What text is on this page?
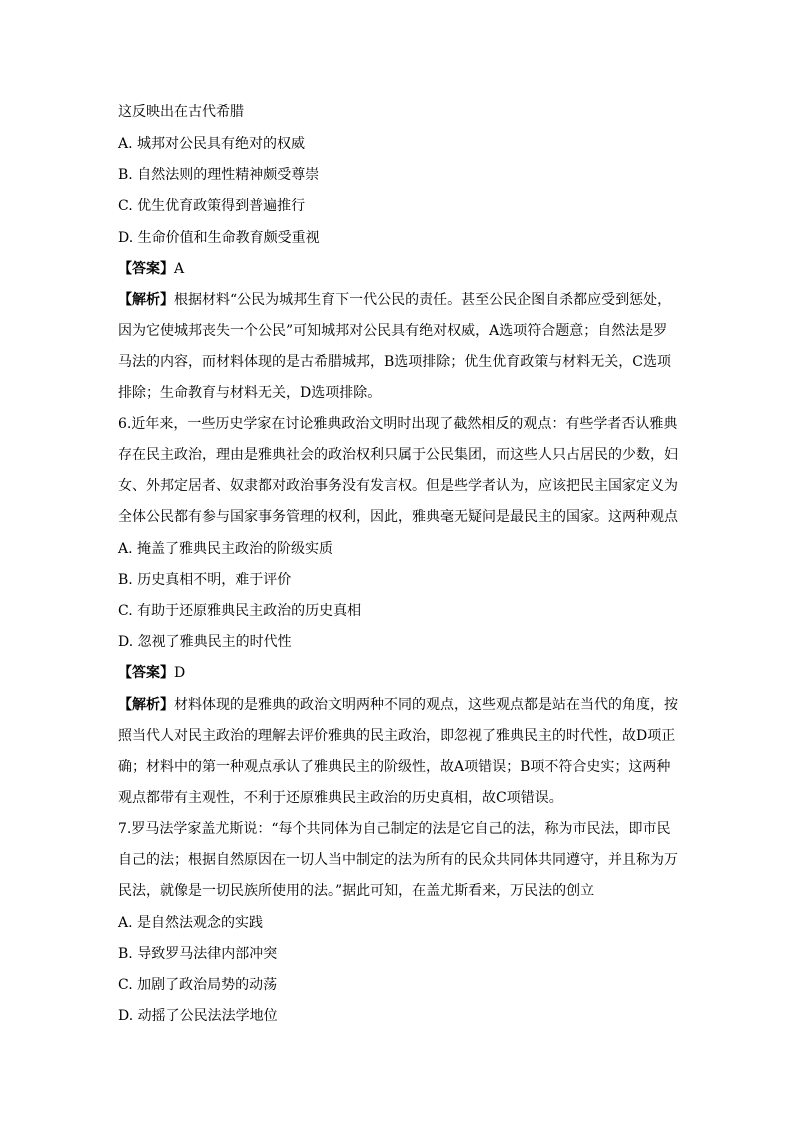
这反映出在古代希腊
A. 城邦对公民具有绝对的权威
B. 自然法则的理性精神颇受尊崇
C. 优生优育政策得到普遍推行
D. 生命价值和生命教育颇受重视
【答案】A
【解析】根据材料“公民为城邦生育下一代公民的责任。甚至公民企图自杀都应受到惩处，
因为它使城邦丧失一个公民”可知城邦对公民具有绝对权威，A选项符合题意；自然法是罗
马法的内容，而材料体现的是古希腊城邦，B选项排除；优生优育政策与材料无关，C选项
排除；生命教育与材料无关，D选项排除。
6.近年来，一些历史学家在讨论雅典政治文明时出现了截然相反的观点：有些学者否认雅典
存在民主政治，理由是雅典社会的政治权利只属于公民集团，而这些人只占居民的少数，妇
女、外邦定居者、奴隶都对政治事务没有发言权。但是些学者认为，应该把民主国家定义为
全体公民都有参与国家事务管理的权利，因此，雅典毫无疑问是最民主的国家。这两种观点
A. 掩盖了雅典民主政治的阶级实质
B. 历史真相不明，难于评价
C. 有助于还原雅典民主政治的历史真相
D. 忽视了雅典民主的时代性
【答案】D
【解析】材料体现的是雅典的政治文明两种不同的观点，这些观点都是站在当代的角度，按
照当代人对民主政治的理解去评价雅典的民主政治，即忽视了雅典民主的时代性，故D项正
确；材料中的第一种观点承认了雅典民主的阶级性，故A项错误；B项不符合史实；这两种
观点都带有主观性，不利于还原雅典民主政治的历史真相，故C项错误。
7.罗马法学家盖尤斯说：“每个共同体为自己制定的法是它自己的法，称为市民法，即市民
自己的法；根据自然原因在一切人当中制定的法为所有的民众共同体共同遵守，并且称为万
民法，就像是一切民族所使用的法。”据此可知，在盖尤斯看来，万民法的创立
A. 是自然法观念的实践
B. 导致罗马法律内部冲突
C. 加剧了政治局势的动荡
D. 动摇了公民法法学地位
